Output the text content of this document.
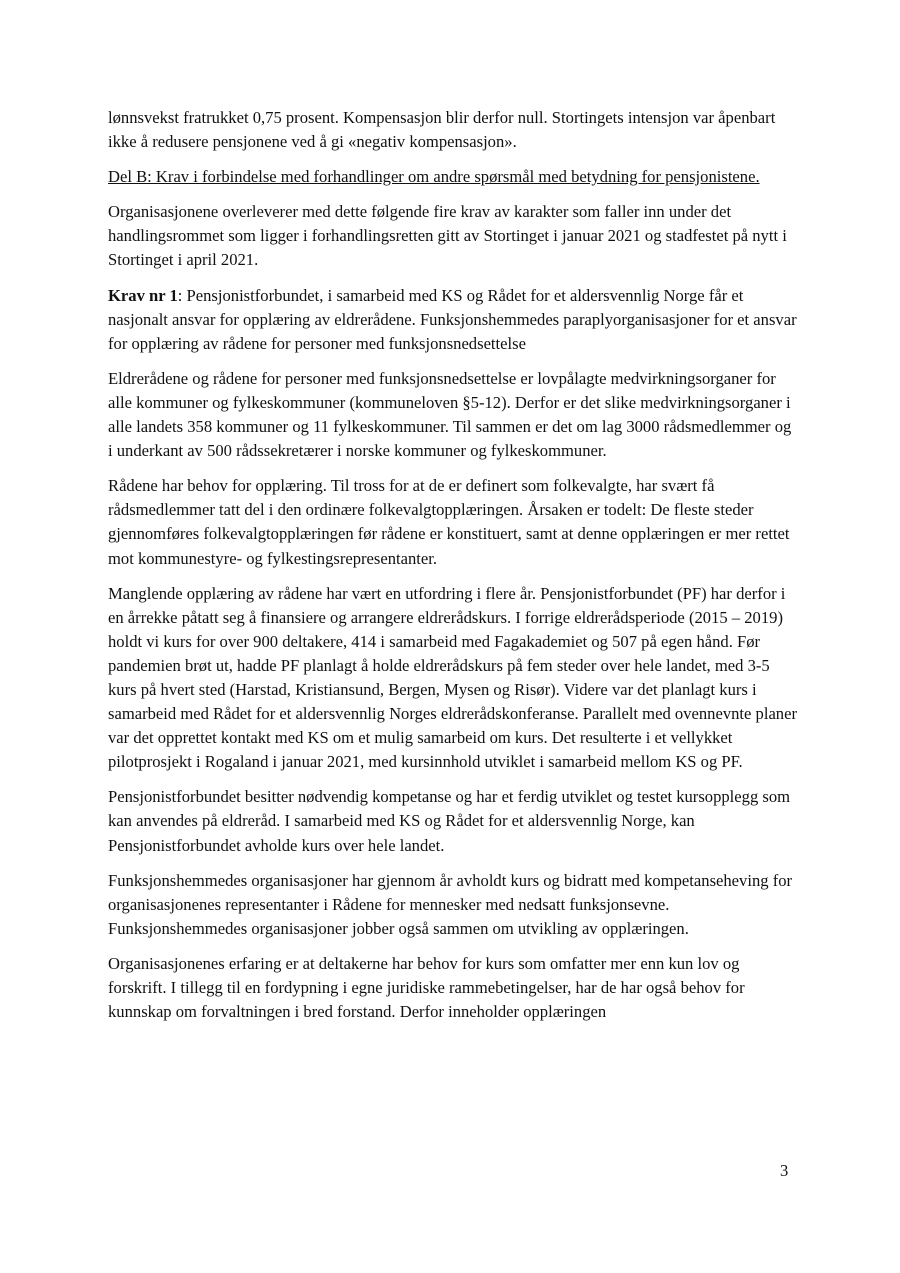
lønnsvekst fratrukket 0,75 prosent. Kompensasjon blir derfor null. Stortingets intensjon var åpenbart ikke å redusere pensjonene ved å gi «negativ kompensasjon».

Del B: Krav i forbindelse med forhandlinger om andre spørsmål med betydning for pensjonistene.

Organisasjonene overleverer med dette følgende fire krav av karakter som faller inn under det handlingsrommet som ligger i forhandlingsretten gitt av Stortinget i januar 2021 og stadfestet på nytt i Stortinget i april 2021.

Krav nr 1: Pensjonistforbundet, i samarbeid med KS og Rådet for et aldersvennlig Norge får et nasjonalt ansvar for opplæring av eldrerådene. Funksjonshemmedes paraplyorganisasjoner for et ansvar for opplæring av rådene for personer med funksjonsnedsettelse

Eldrerådene og rådene for personer med funksjonsnedsettelse er lovpålagte medvirkningsorganer for alle kommuner og fylkeskommuner (kommuneloven §5-12). Derfor er det slike medvirkningsorganer i alle landets 358 kommuner og 11 fylkeskommuner. Til sammen er det om lag 3000 rådsmedlemmer og i underkant av 500 rådssekretærer i norske kommuner og fylkeskommuner.

Rådene har behov for opplæring. Til tross for at de er definert som folkevalgte, har svært få rådsmedlemmer tatt del i den ordinære folkevalgtopplæringen. Årsaken er todelt: De fleste steder gjennomføres folkevalgtopplæringen før rådene er konstituert, samt at denne opplæringen er mer rettet mot kommunestyre- og fylkestingsrepresentanter.

Manglende opplæring av rådene har vært en utfordring i flere år. Pensjonistforbundet (PF) har derfor i en årrekke påtatt seg å finansiere og arrangere eldrerådskurs. I forrige eldrerådsperiode (2015 – 2019) holdt vi kurs for over 900 deltakere, 414 i samarbeid med Fagakademiet og 507 på egen hånd. Før pandemien brøt ut, hadde PF planlagt å holde eldrerådskurs på fem steder over hele landet, med 3-5 kurs på hvert sted (Harstad, Kristiansund, Bergen, Mysen og Risør). Videre var det planlagt kurs i samarbeid med Rådet for et aldersvennlig Norges eldrerådskonferanse. Parallelt med ovennevnte planer var det opprettet kontakt med KS om et mulig samarbeid om kurs. Det resulterte i et vellykket pilotprosjekt i Rogaland i januar 2021, med kursinnhold utviklet i samarbeid mellom KS og PF.

Pensjonistforbundet besitter nødvendig kompetanse og har et ferdig utviklet og testet kursopplegg som kan anvendes på eldreråd. I samarbeid med KS og Rådet for et aldersvennlig Norge, kan Pensjonistforbundet avholde kurs over hele landet.

Funksjonshemmedes organisasjoner har gjennom år avholdt kurs og bidratt med kompetanseheving for organisasjonenes representanter i Rådene for mennesker med nedsatt funksjonsevne. Funksjonshemmedes organisasjoner jobber også sammen om utvikling av opplæringen.

Organisasjonenes erfaring er at deltakerne har behov for kurs som omfatter mer enn kun lov og forskrift. I tillegg til en fordypning i egne juridiske rammebetingelser, har de har også behov for kunnskap om forvaltningen i bred forstand. Derfor inneholder opplæringen

3
